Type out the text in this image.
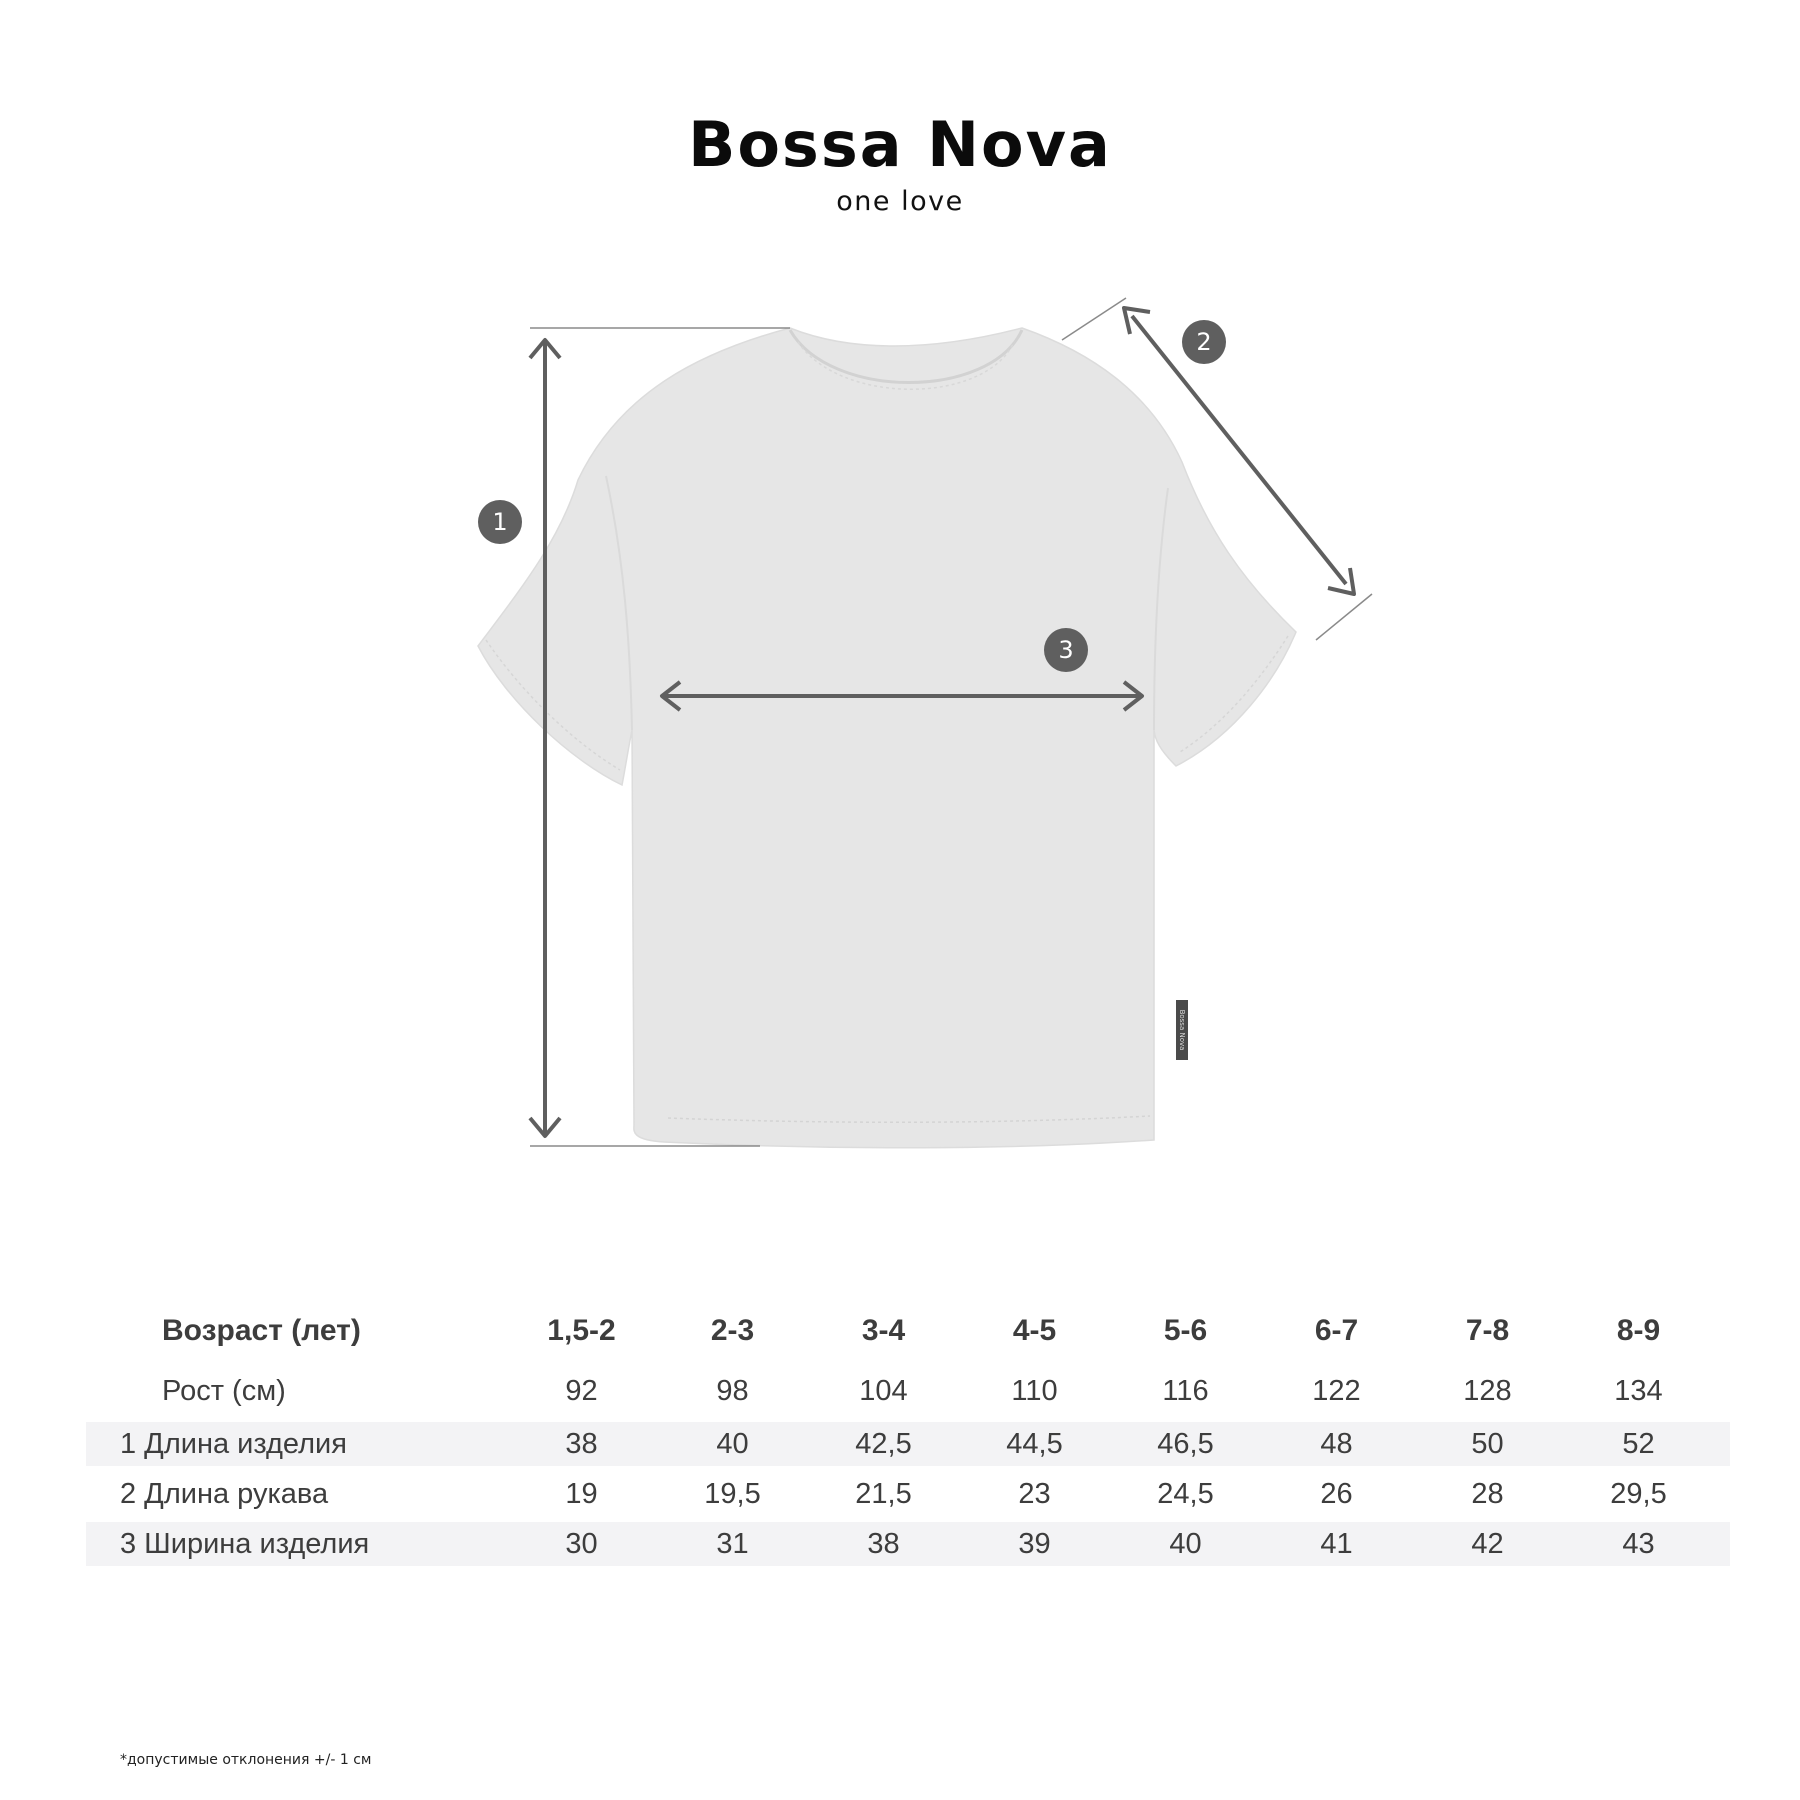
Bossa Nova
one love
Bossa Nova
1
2
3
Возраст (лет)	1,5-2	2-3	3-4	4-5	5-6	6-7	7-8	8-9
Рост (см)	92	98	104	110	116	122	128	134
1 Длина изделия	38	40	42,5	44,5	46,5	48	50	52
2 Длина рукава	19	19,5	21,5	23	24,5	26	28	29,5
3 Ширина изделия	30	31	38	39	40	41	42	43
*допустимые отклонения +/- 1 см
